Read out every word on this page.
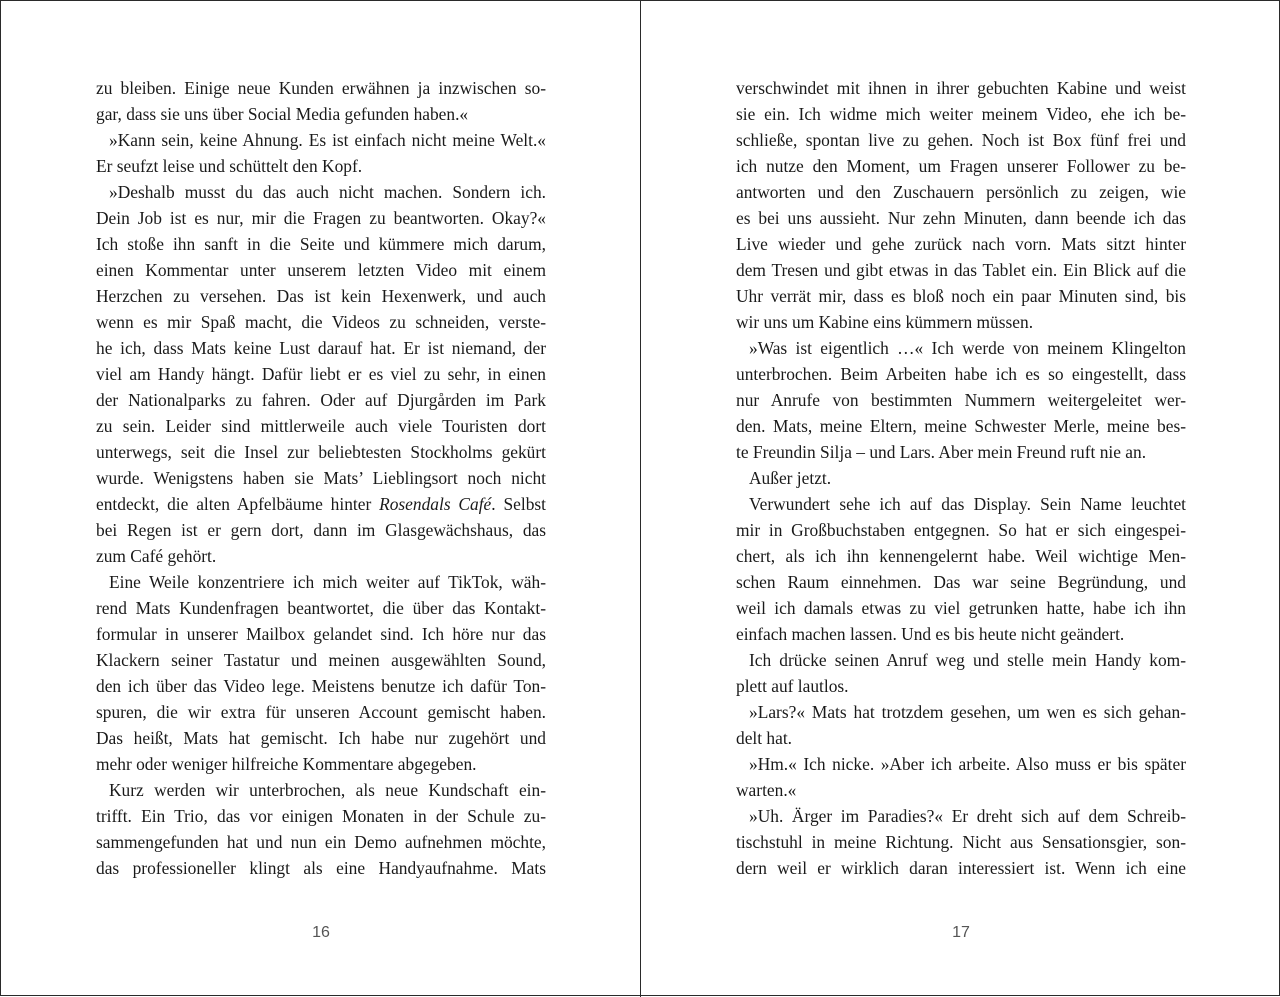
zu bleiben. Einige neue Kunden erwähnen ja inzwischen so-
gar, dass sie uns über Social Media gefunden haben.«
»Kann sein, keine Ahnung. Es ist einfach nicht meine Welt.«
Er seufzt leise und schüttelt den Kopf.
»Deshalb musst du das auch nicht machen. Sondern ich.
Dein Job ist es nur, mir die Fragen zu beantworten. Okay?«
Ich stoße ihn sanft in die Seite und kümmere mich darum,
einen Kommentar unter unserem letzten Video mit einem
Herzchen zu versehen. Das ist kein Hexenwerk, und auch
wenn es mir Spaß macht, die Videos zu schneiden, verste-
he ich, dass Mats keine Lust darauf hat. Er ist niemand, der
viel am Handy hängt. Dafür liebt er es viel zu sehr, in einen
der Nationalparks zu fahren. Oder auf Djurgården im Park
zu sein. Leider sind mittlerweile auch viele Touristen dort
unterwegs, seit die Insel zur beliebtesten Stockholms gekürt
wurde. Wenigstens haben sie Mats’ Lieblingsort noch nicht
entdeckt, die alten Apfelbäume hinter Rosendals Café. Selbst
bei Regen ist er gern dort, dann im Glasgewächshaus, das
zum Café gehört.
Eine Weile konzentriere ich mich weiter auf TikTok, wäh-
rend Mats Kundenfragen beantwortet, die über das Kontakt-
formular in unserer Mailbox gelandet sind. Ich höre nur das
Klackern seiner Tastatur und meinen ausgewählten Sound,
den ich über das Video lege. Meistens benutze ich dafür Ton-
spuren, die wir extra für unseren Account gemischt haben.
Das heißt, Mats hat gemischt. Ich habe nur zugehört und
mehr oder weniger hilfreiche Kommentare abgegeben.
Kurz werden wir unterbrochen, als neue Kundschaft ein-
trifft. Ein Trio, das vor einigen Monaten in der Schule zu-
sammengefunden hat und nun ein Demo aufnehmen möchte,
das professioneller klingt als eine Handyaufnahme. Mats
16
verschwindet mit ihnen in ihrer gebuchten Kabine und weist
sie ein. Ich widme mich weiter meinem Video, ehe ich be-
schließe, spontan live zu gehen. Noch ist Box fünf frei und
ich nutze den Moment, um Fragen unserer Follower zu be-
antworten und den Zuschauern persönlich zu zeigen, wie
es bei uns aussieht. Nur zehn Minuten, dann beende ich das
Live wieder und gehe zurück nach vorn. Mats sitzt hinter
dem Tresen und gibt etwas in das Tablet ein. Ein Blick auf die
Uhr verrät mir, dass es bloß noch ein paar Minuten sind, bis
wir uns um Kabine eins kümmern müssen.
»Was ist eigentlich …« Ich werde von meinem Klingelton
unterbrochen. Beim Arbeiten habe ich es so eingestellt, dass
nur Anrufe von bestimmten Nummern weitergeleitet wer-
den. Mats, meine Eltern, meine Schwester Merle, meine bes-
te Freundin Silja – und Lars. Aber mein Freund ruft nie an.
Außer jetzt.
Verwundert sehe ich auf das Display. Sein Name leuchtet
mir in Großbuchstaben entgegnen. So hat er sich eingespei-
chert, als ich ihn kennengelernt habe. Weil wichtige Men-
schen Raum einnehmen. Das war seine Begründung, und
weil ich damals etwas zu viel getrunken hatte, habe ich ihn
einfach machen lassen. Und es bis heute nicht geändert.
Ich drücke seinen Anruf weg und stelle mein Handy kom-
plett auf lautlos.
»Lars?« Mats hat trotzdem gesehen, um wen es sich gehan-
delt hat.
»Hm.« Ich nicke. »Aber ich arbeite. Also muss er bis später
warten.«
»Uh. Ärger im Paradies?« Er dreht sich auf dem Schreib-
tischstuhl in meine Richtung. Nicht aus Sensationsgier, son-
dern weil er wirklich daran interessiert ist. Wenn ich eine
17
